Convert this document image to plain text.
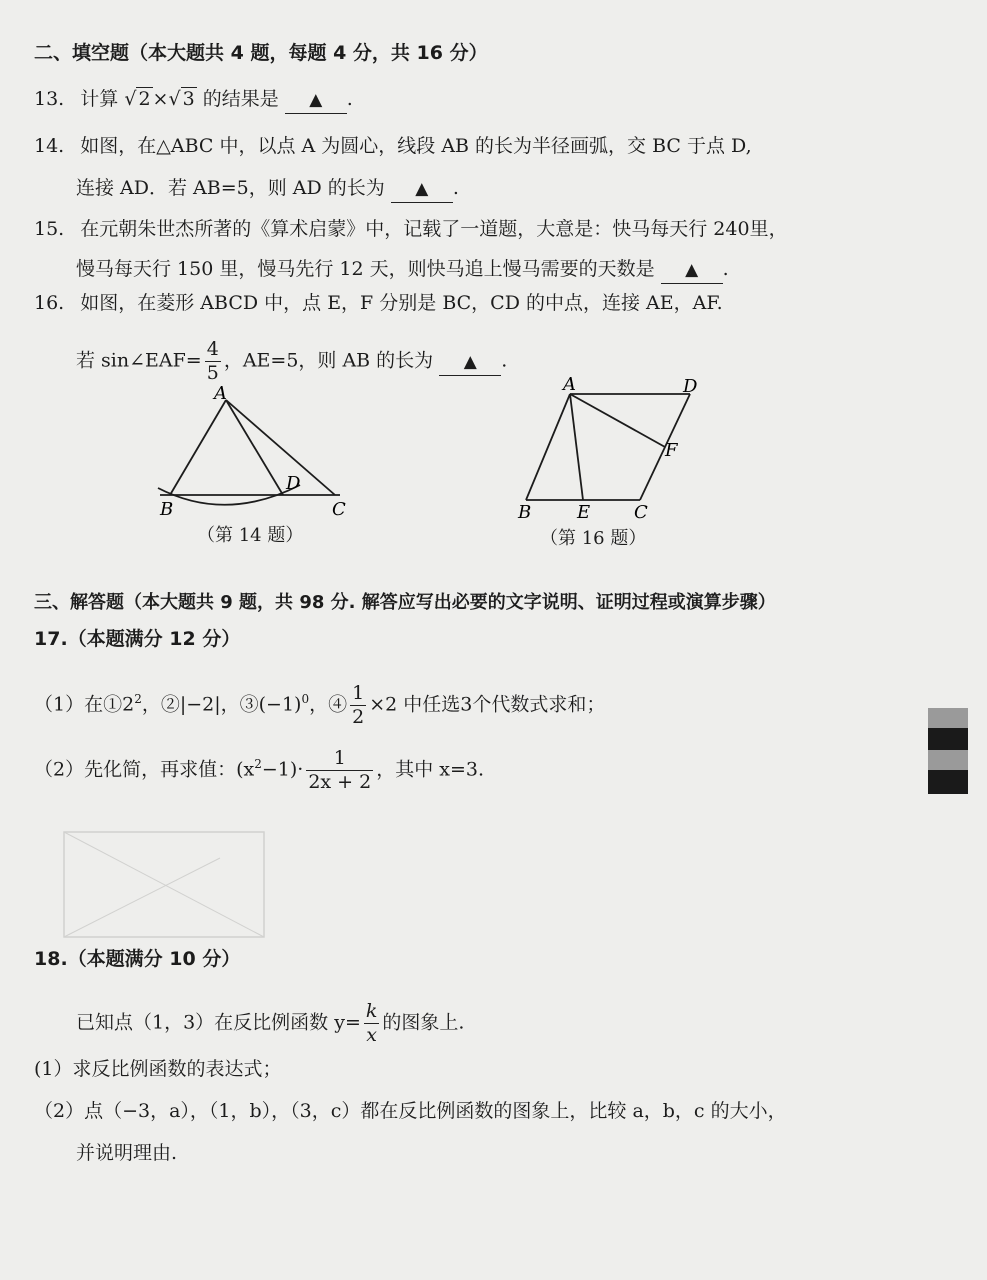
二、填空题（本大题共 4 题，每题 4 分，共 16 分）
13. 计算 √ 2 ×√ 3 的结果是 ▲ .
14. 如图，在△ABC 中，以点 A 为圆心，线段 AB 的长为半径画弧，交 BC 于点 D,
连接 AD．若 AB=5，则 AD 的长为 ▲ .
15. 在元朝朱世杰所著的《算术启蒙》中，记载了一道题，大意是：快马每天行 240里，
慢马每天行 150 里，慢马先行 12 天，则快马追上慢马需要的天数是 ▲ .
16. 如图，在菱形 ABCD 中，点 E，F 分别是 BC，CD 的中点，连接 AE，AF.
若 sin∠EAF= $\frac{4}{5}$ ，AE=5，则 AB 的长为 ▲ .
A
B
D
C
（第 14 题）
A	D
F
B	E C
（第 16 题）
三、解答题（本大题共 9 题，共 98 分. 解答应写出必要的文字说明、证明过程或演算步骤）
17.（本题满分 12 分）
（1）在$①2^2$，②|−2|，$③(-1)^0$，④ $\frac{1}{2} \times 2$ 中任选3个代数式求和；
（2）先化简，再求值：$(x^2-1)\cdot \frac{1}{2x + 2}$ ，其中 x=3.
18.（本题满分 10 分）
已知点（1，3）在反比例函数 $y= \frac{k}{x}$ 的图象上.
(1）求反比例函数的表达式；
（2）点（−3，a），（1，b），（3，c）都在反比例函数的图象上，比较 a，b，c 的大小，
并说明理由.
